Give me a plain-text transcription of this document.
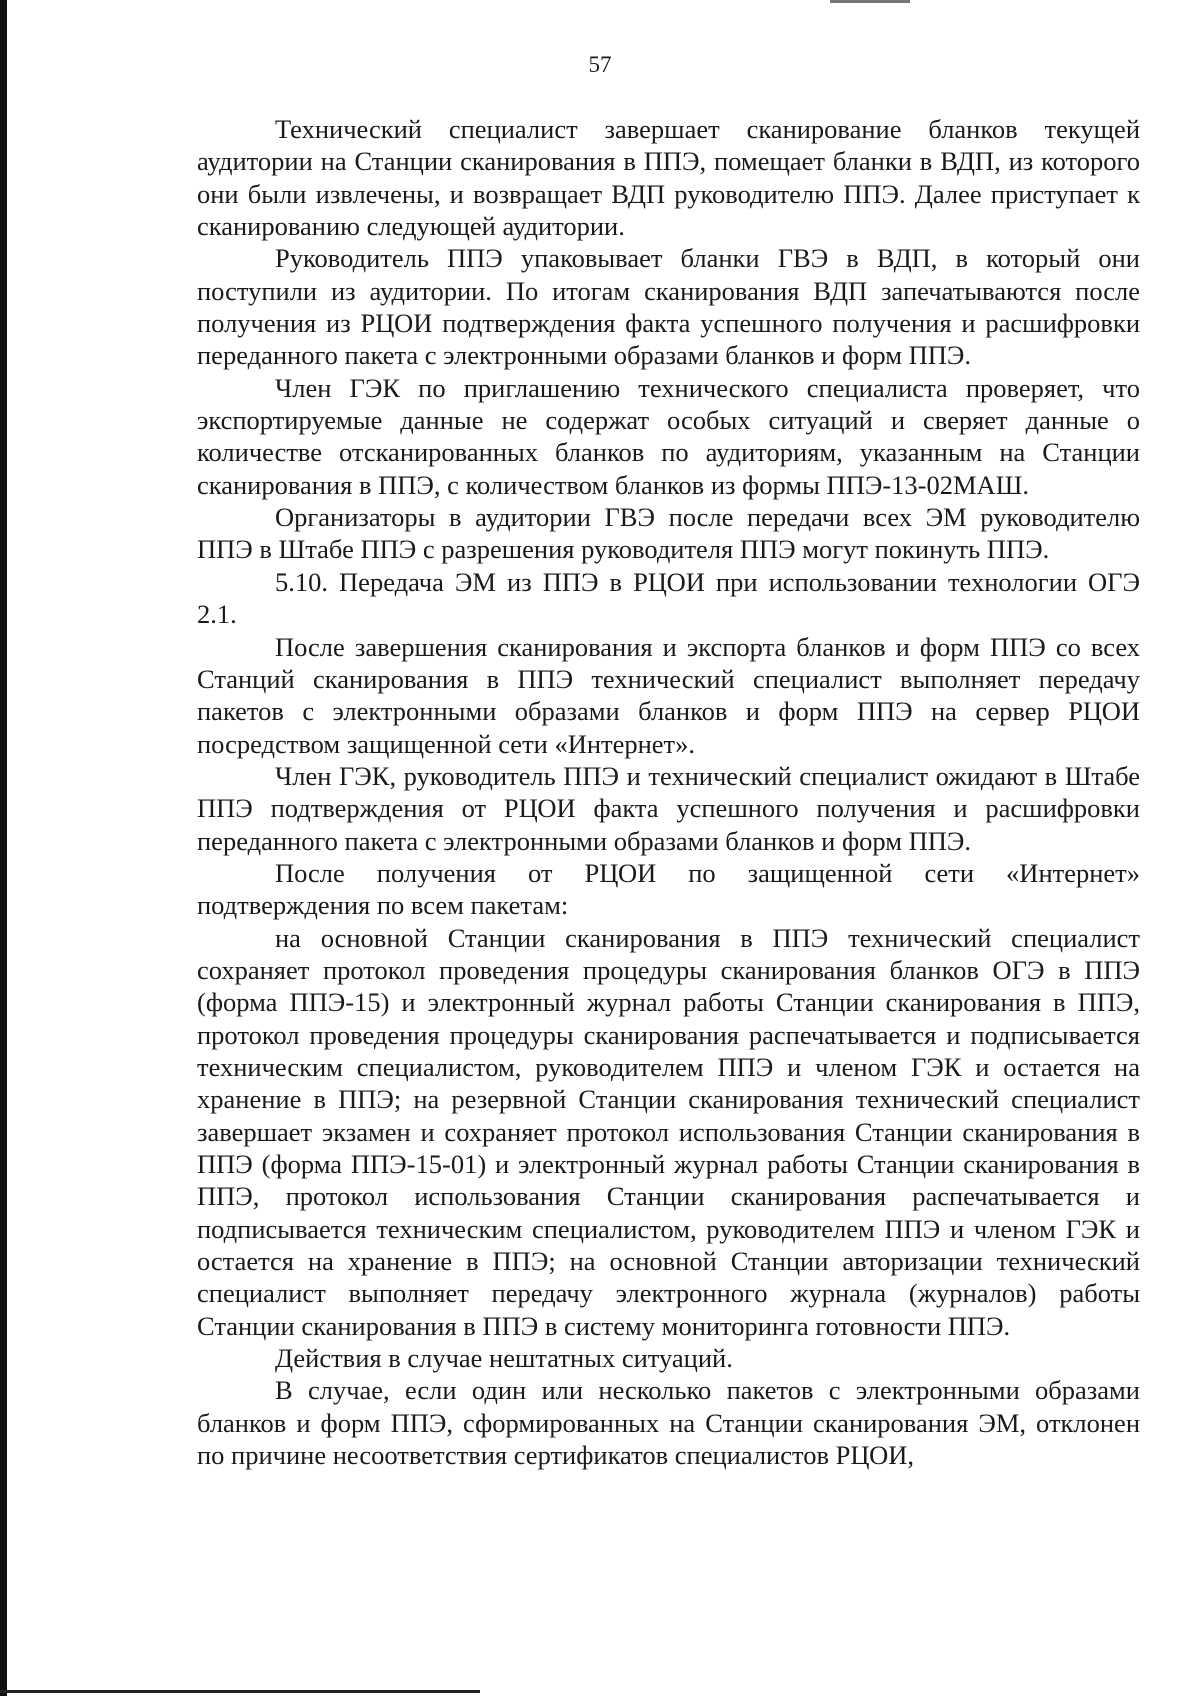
57

Технический специалист завершает сканирование бланков текущей аудитории на Станции сканирования в ППЭ, помещает бланки в ВДП, из которого они были извлечены, и возвращает ВДП руководителю ППЭ. Далее приступает к сканированию следующей аудитории.

Руководитель ППЭ упаковывает бланки ГВЭ в ВДП, в который они поступили из аудитории. По итогам сканирования ВДП запечатываются после получения из РЦОИ подтверждения факта успешного получения и расшифровки переданного пакета с электронными образами бланков и форм ППЭ.

Член ГЭК по приглашению технического специалиста проверяет, что экспортируемые данные не содержат особых ситуаций и сверяет данные о количестве отсканированных бланков по аудиториям, указанным на Станции сканирования в ППЭ, с количеством бланков из формы ППЭ-13-02МАШ.

Организаторы в аудитории ГВЭ после передачи всех ЭМ руководителю ППЭ в Штабе ППЭ с разрешения руководителя ППЭ могут покинуть ППЭ.

5.10. Передача ЭМ из ППЭ в РЦОИ при использовании технологии ОГЭ 2.1.

После завершения сканирования и экспорта бланков и форм ППЭ со всех Станций сканирования в ППЭ технический специалист выполняет передачу пакетов с электронными образами бланков и форм ППЭ на сервер РЦОИ посредством защищенной сети «Интернет».

Член ГЭК, руководитель ППЭ и технический специалист ожидают в Штабе ППЭ подтверждения от РЦОИ факта успешного получения и расшифровки переданного пакета с электронными образами бланков и форм ППЭ.

После получения от РЦОИ по защищенной сети «Интернет» подтверждения по всем пакетам:

на основной Станции сканирования в ППЭ технический специалист сохраняет протокол проведения процедуры сканирования бланков ОГЭ в ППЭ (форма ППЭ-15) и электронный журнал работы Станции сканирования в ППЭ, протокол проведения процедуры сканирования распечатывается и подписывается техническим специалистом, руководителем ППЭ и членом ГЭК и остается на хранение в ППЭ; на резервной Станции сканирования технический специалист завершает экзамен и сохраняет протокол использования Станции сканирования в ППЭ (форма ППЭ-15-01) и электронный журнал работы Станции сканирования в ППЭ, протокол использования Станции сканирования распечатывается и подписывается техническим специалистом, руководителем ППЭ и членом ГЭК и остается на хранение в ППЭ; на основной Станции авторизации технический специалист выполняет передачу электронного журнала (журналов) работы Станции сканирования в ППЭ в систему мониторинга готовности ППЭ.

Действия в случае нештатных ситуаций.

В случае, если один или несколько пакетов с электронными образами бланков и форм ППЭ, сформированных на Станции сканирования ЭМ, отклонен по причине несоответствия сертификатов специалистов РЦОИ,
